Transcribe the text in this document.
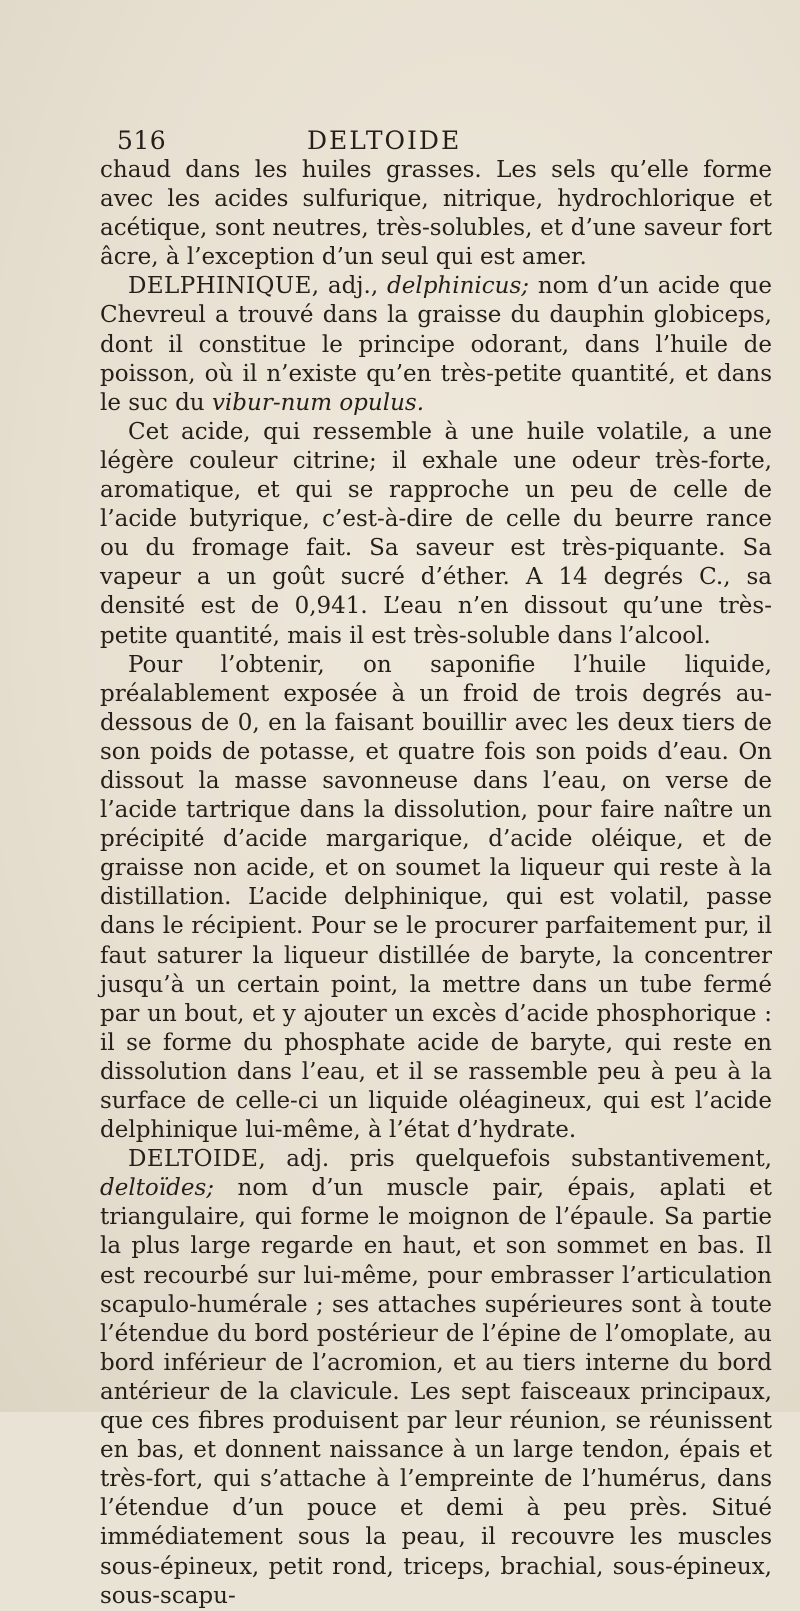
516	DELTOIDE

chaud dans les huiles grasses. Les sels qu’elle forme avec les acides sulfurique, nitrique, hydrochlorique et acétique, sont neutres, très-solubles, et d’une saveur fort âcre, à l’exception d’un seul qui est amer.

DELPHINIQUE, adj., delphinicus; nom d’un acide que Chevreul a trouvé dans la graisse du dauphin globiceps, dont il constitue le principe odorant, dans l’huile de poisson, où il n’existe qu’en très-petite quantité, et dans le suc du vibur-num opulus.

Cet acide, qui ressemble à une huile volatile, a une légère couleur citrine; il exhale une odeur très-forte, aromatique, et qui se rapproche un peu de celle de l’acide butyrique, c’est-à-dire de celle du beurre rance ou du fromage fait. Sa saveur est très-piquante. Sa vapeur a un goût sucré d’éther. A 14 degrés C., sa densité est de 0,941. L’eau n’en dissout qu’une très-petite quantité, mais il est très-soluble dans l’alcool.

Pour l’obtenir, on saponifie l’huile liquide, préalablement exposée à un froid de trois degrés au-dessous de 0, en la faisant bouillir avec les deux tiers de son poids de potasse, et quatre fois son poids d’eau. On dissout la masse savonneuse dans l’eau, on verse de l’acide tartrique dans la dissolution, pour faire naître un précipité d’acide margarique, d’acide oléique, et de graisse non acide, et on soumet la liqueur qui reste à la distillation. L’acide delphinique, qui est volatil, passe dans le récipient. Pour se le procurer parfaitement pur, il faut saturer la liqueur distillée de baryte, la concentrer jusqu’à un certain point, la mettre dans un tube fermé par un bout, et y ajouter un excès d’acide phosphorique : il se forme du phosphate acide de baryte, qui reste en dissolution dans l’eau, et il se rassemble peu à peu à la surface de celle-ci un liquide oléagineux, qui est l’acide delphinique lui-même, à l’état d’hydrate.

DELTOIDE, adj. pris quelquefois substantivement, deltoïdes; nom d’un muscle pair, épais, aplati et triangulaire, qui forme le moignon de l’épaule. Sa partie la plus large regarde en haut, et son sommet en bas. Il est recourbé sur lui-même, pour embrasser l’articulation scapulo-humérale ; ses attaches supérieures sont à toute l’étendue du bord postérieur de l’épine de l’omoplate, au bord inférieur de l’acromion, et au tiers interne du bord antérieur de la clavicule. Les sept faisceaux principaux, que ces fibres produisent par leur réunion, se réunissent en bas, et donnent naissance à un large tendon, épais et très-fort, qui s’attache à l’empreinte de l’humérus, dans l’étendue d’un pouce et demi à peu près. Situé immédiatement sous la peau, il recouvre les muscles sous-épineux, petit rond, triceps, brachial, sous-épineux, sous-scapu-
